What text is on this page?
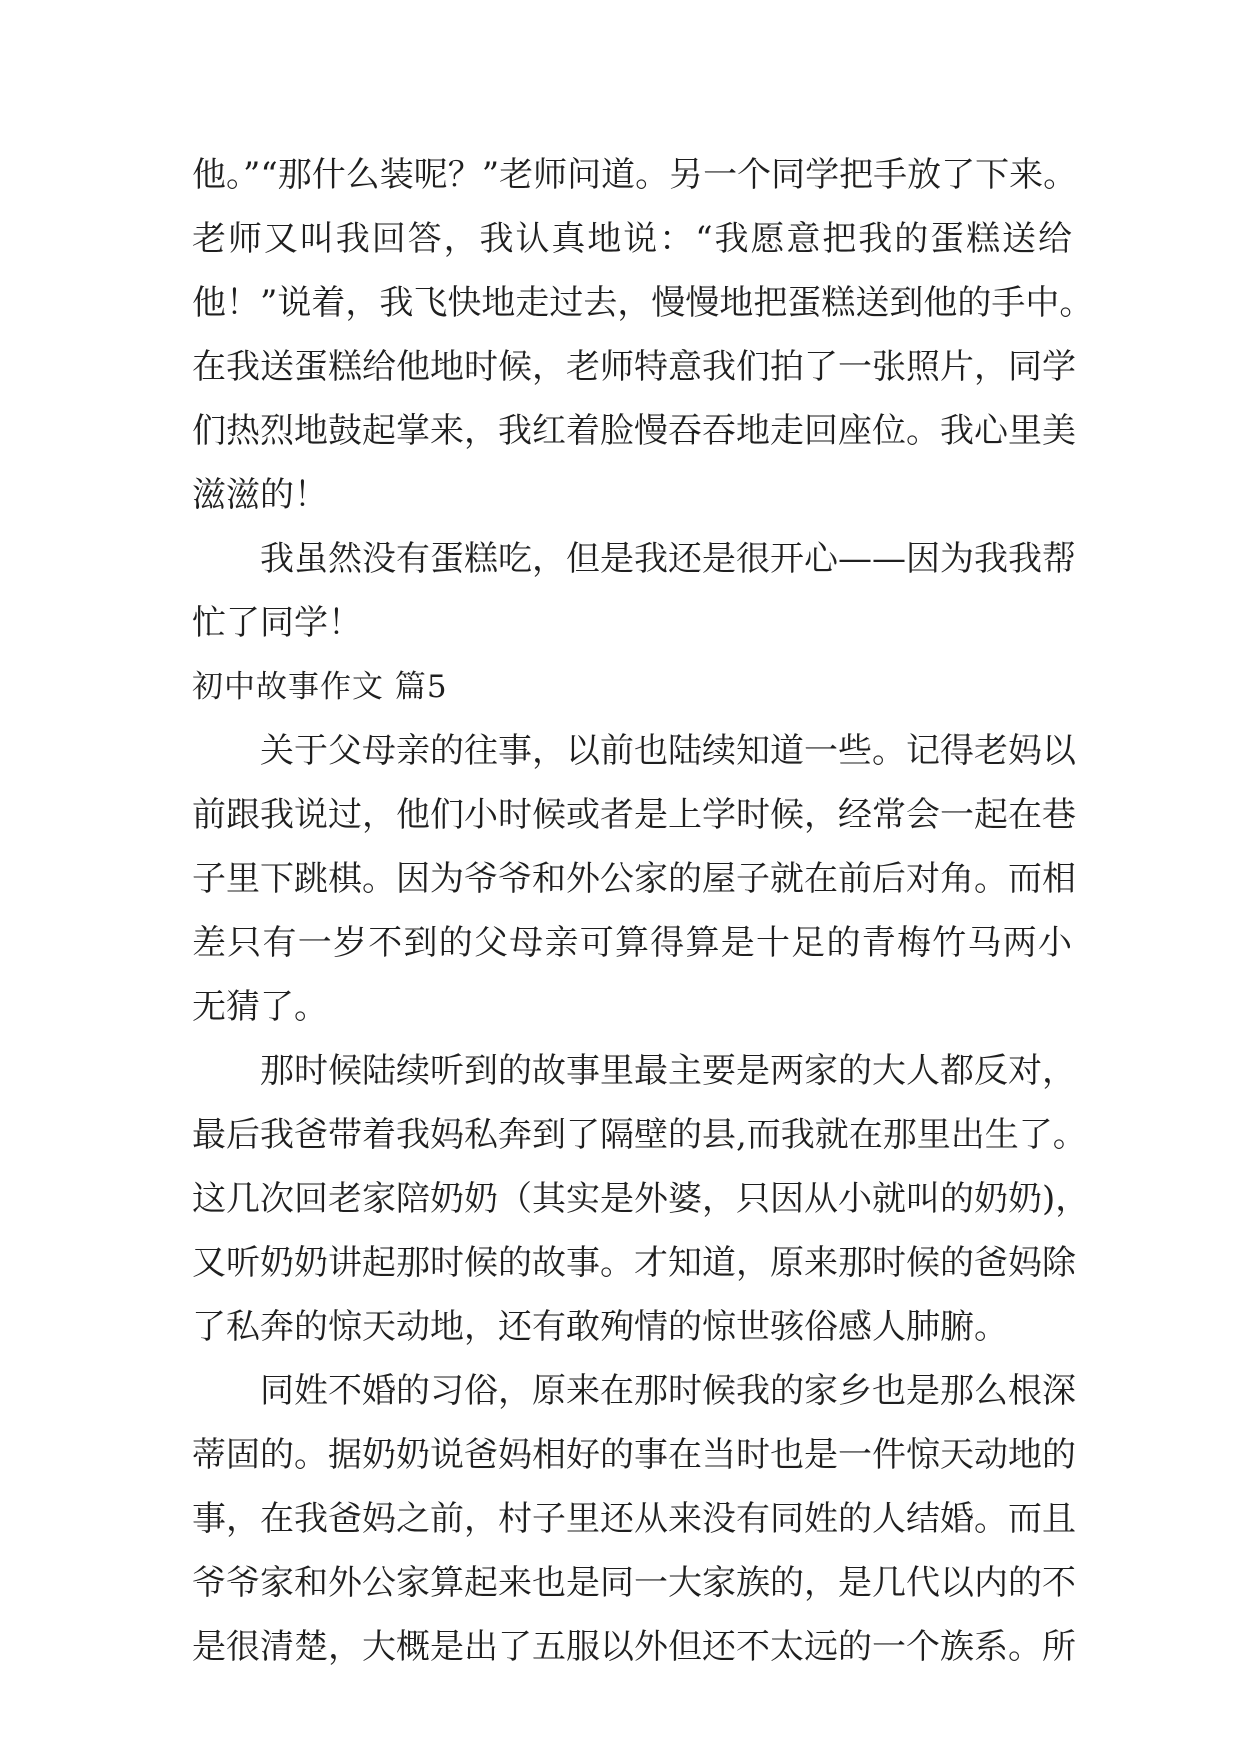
他。”“那什么装呢？”老师问道。另一个同学把手放了下来。
老师又叫我回答，我认真地说：“我愿意把我的蛋糕送给
他！”说着，我飞快地走过去，慢慢地把蛋糕送到他的手中。
在我送蛋糕给他地时候，老师特意我们拍了一张照片，同学
们热烈地鼓起掌来，我红着脸慢吞吞地走回座位。我心里美
滋滋的！
我虽然没有蛋糕吃，但是我还是很开心——因为我我帮
忙了同学！
初中故事作文 篇5
关于父母亲的往事，以前也陆续知道一些。记得老妈以
前跟我说过，他们小时候或者是上学时候，经常会一起在巷
子里下跳棋。因为爷爷和外公家的屋子就在前后对角。而相
差只有一岁不到的父母亲可算得算是十足的青梅竹马两小
无猜了。
那时候陆续听到的故事里最主要是两家的大人都反对，
最后我爸带着我妈私奔到了隔壁的县,而我就在那里出生了。
这几次回老家陪奶奶（其实是外婆，只因从小就叫的奶奶)，
又听奶奶讲起那时候的故事。才知道，原来那时候的爸妈除
了私奔的惊天动地，还有敢殉情的惊世骇俗感人肺腑。
同姓不婚的习俗，原来在那时候我的家乡也是那么根深
蒂固的。据奶奶说爸妈相好的事在当时也是一件惊天动地的
事，在我爸妈之前，村子里还从来没有同姓的人结婚。而且
爷爷家和外公家算起来也是同一大家族的，是几代以内的不
是很清楚，大概是出了五服以外但还不太远的一个族系。所
